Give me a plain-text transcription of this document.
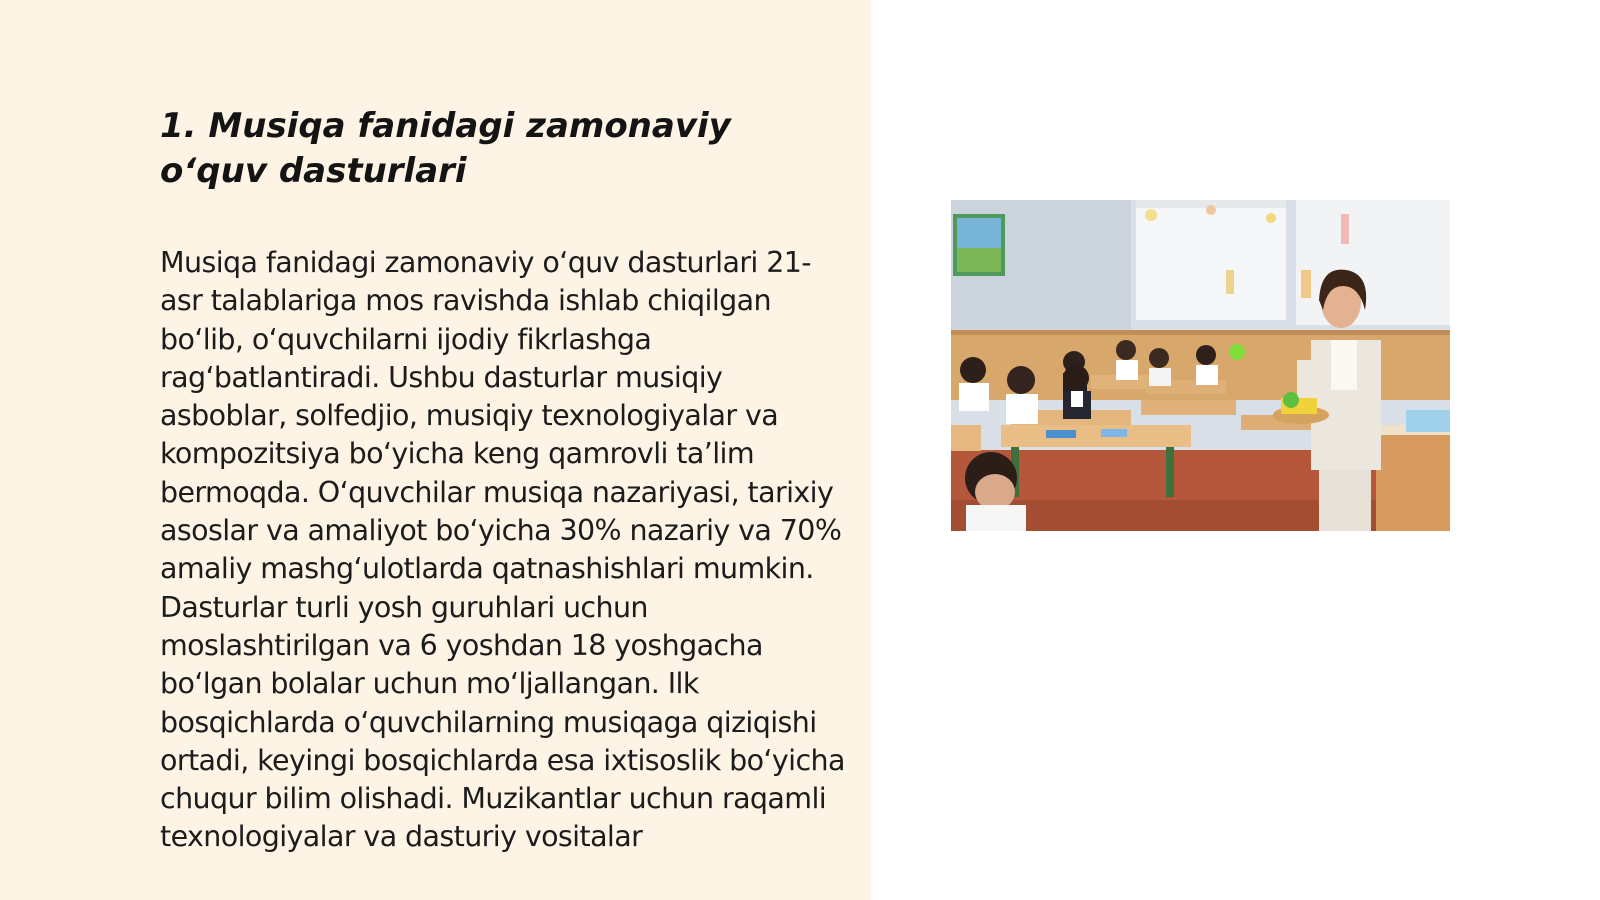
1. Musiqa fanidagi zamonaviy o‘quv dasturlari

Musiqa fanidagi zamonaviy o‘quv dasturlari 21-asr talablariga mos ravishda ishlab chiqilgan bo‘lib, o‘quvchilarni ijodiy fikrlashga rag‘batlantiradi. Ushbu dasturlar musiqiy asboblar, solfedjio, musiqiy texnologiyalar va kompozitsiya bo‘yicha keng qamrovli ta’lim bermoqda. O‘quvchilar musiqa nazariyasi, tarixiy asoslar va amaliyot bo‘yicha 30% nazariy va 70% amaliy mashg‘ulotlarda qatnashishlari mumkin. Dasturlar turli yosh guruhlari uchun moslashtirilgan va 6 yoshdan 18 yoshgacha bo‘lgan bolalar uchun mo‘ljallangan. Ilk bosqichlarda o‘quvchilarning musiqaga qiziqishi ortadi, keyingi bosqichlarda esa ixtisoslik bo‘yicha chuqur bilim olishadi. Muzikantlar uchun raqamli texnologiyalar va dasturiy vositalar
